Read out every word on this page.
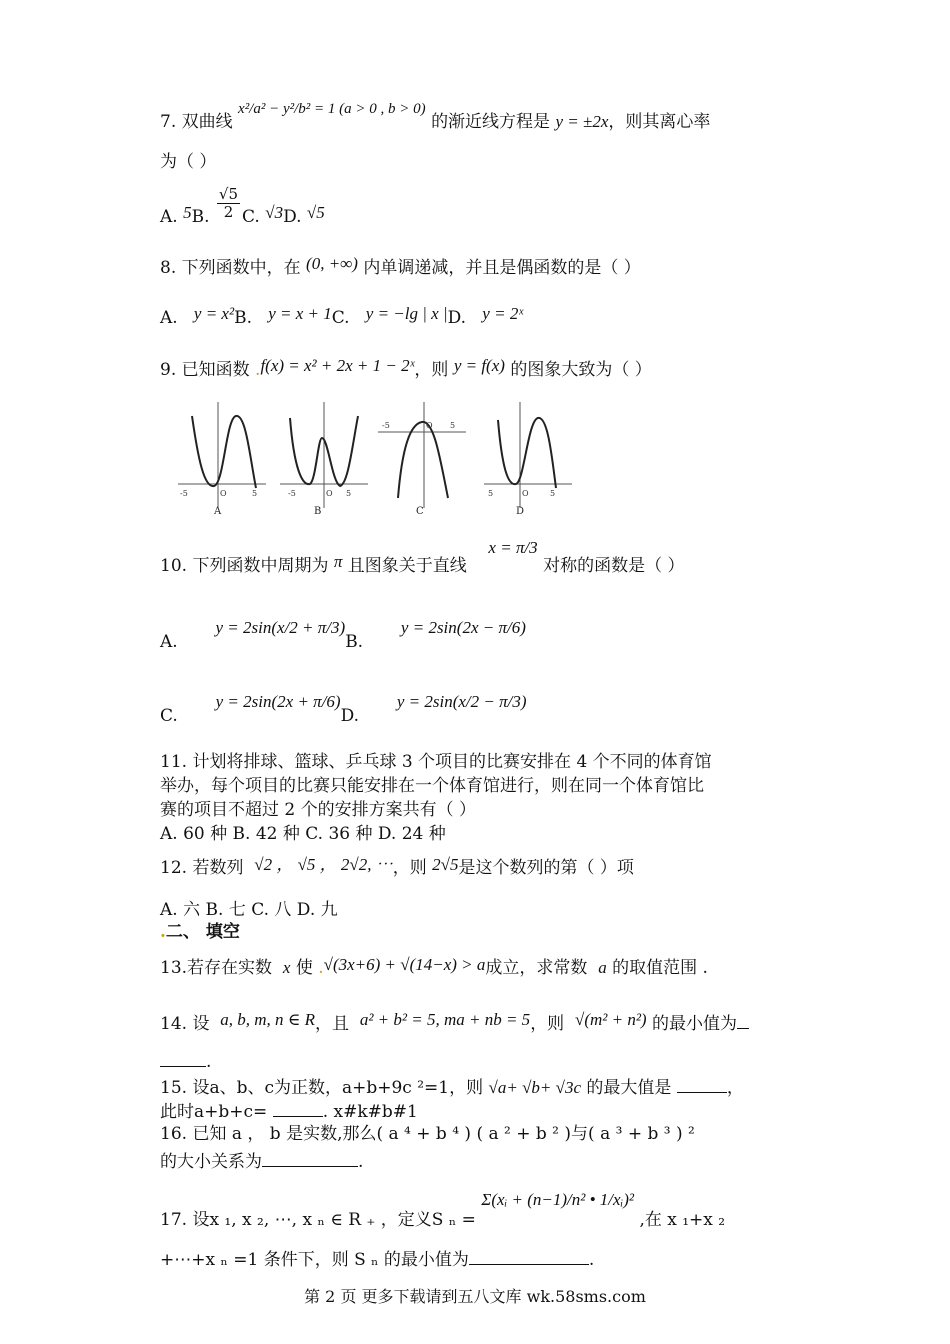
7. 双曲线 x²/a² − y²/b² = 1 (a > 0 , b > 0) 的渐近线方程是 y = ±2x，则其离心率
为（ ）
A. 5B. $\frac{√5}{2} C$. √3D. √5
8. 下列函数中，在 (0, +∞) 内单调递减，并且是偶函数的是（ ）
A. y = x²B. y = x + 1C. y = −lg | x |D. y = 2ˣ
9. 已知函数 .f(x) = x² + 2x + 1 − 2ˣ，则 y = f(x) 的图象大致为（ ）
-5	O	5
A
-5	O 5
B
-5	O 5
C
5	O	5
D
10. 下列函数中周期为 π 且图象关于直线    x = π/3 对称的函数是（ ）
A.       y = 2sin(x/2 + π/3)B.       y = 2sin(2x − π/6)
C.       y = 2sin(2x + π/6)D.       y = 2sin(x/2 − π/3)
11. 计划将排球、篮球、乒乓球 3 个项目的比赛安排在 4 个不同的体育馆
举办，每个项目的比赛只能安排在一个体育馆进行，则在同一个体育馆比
赛的项目不超过 2 个的安排方案共有（ ）
A. 60 种 B. 42 种 C. 36 种 D. 24 种
12. 若数列 √2 ， √5 ， 2√2, ⋯，则 2√5是这个数列的第（ ）项
A. 六 B. 七 C. 八 D. 九
.二、 填空
13.若存在实数 x 使 .√(3x+6) + √(14−x) > a成立，求常数 a 的取值范围 .
14. 设 a, b, m, n ∈ R，且 a² + b² = 5, ma + nb = 5，则 √(m² + n²) 的最小值为
.
15. 设a、b、c为正数，a+b+9c ²=1，则 √a+ √b+ √3c 的最大值是	，
此时a+b+c=	. x#k#b#1
16. 已知 a ， b 是实数,那么( a ⁴ + b ⁴ ) ( a ² + b ² )与( a ³ + b ³ ) ²
的大小关系为	.
17. 设x ₁, x ₂, ⋯, x ₙ ∈ R ₊ ，定义S ₙ = Σ(xᵢ + (n−1)/n² • 1/xᵢ)² ,在 x ₁+x ₂
+⋯+x ₙ =1 条件下，则 S ₙ 的最小值为	.
第 2 页 更多下载请到五八文库 wk.58sms.com
